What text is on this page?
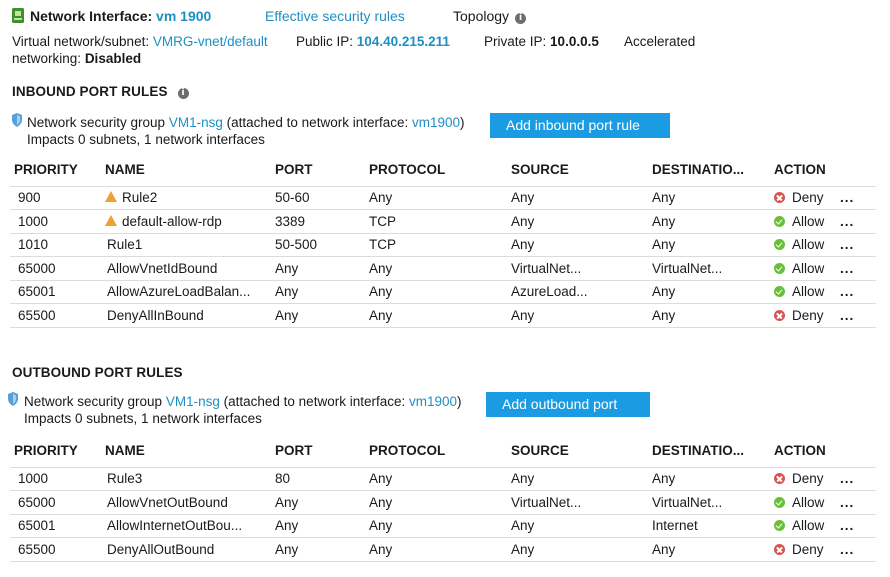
Network Interface: vm 1900	Effective security rules	Topology i
Virtual network/subnet: VMRG-vnet/default Public IP: 104.40.215.211	Private IP: 10.0.0.5 Accelerated
networking: Disabled
INBOUND PORT RULES i
Network security group VM1-nsg (attached to network interface: vm1900)
Impacts 0 subnets, 1 network interfaces
Add inbound port rule
PRIORITY	NAME	PORT	PROTOCOL	SOURCE	DESTINATIO...	ACTION	
900	Rule2	50-60	Any	Any	Any	Deny	...
1000	default-allow-rdp	3389	TCP	Any	Any	Allow	...
1010	Rule1	50-500	TCP	Any	Any	Allow	...
65000	AllowVnetIdBound	Any	Any	VirtualNet...	VirtualNet...	Allow	...
65001	AllowAzureLoadBalan...	Any	Any	AzureLoad...	Any	Allow	...
65500	DenyAllInBound	Any	Any	Any	Any	Deny	...
OUTBOUND PORT RULES
Network security group VM1-nsg (attached to network interface: vm1900)
Impacts 0 subnets, 1 network interfaces
Add outbound port
PRIORITY	NAME	PORT	PROTOCOL	SOURCE	DESTINATIO...	ACTION	
1000	Rule3	80	Any	Any	Any	Deny	...
65000	AllowVnetOutBound	Any	Any	VirtualNet...	VirtualNet...	Allow	...
65001	AllowInternetOutBou...	Any	Any	Any	Internet	Allow	...
65500	DenyAllOutBound	Any	Any	Any	Any	Deny	...
